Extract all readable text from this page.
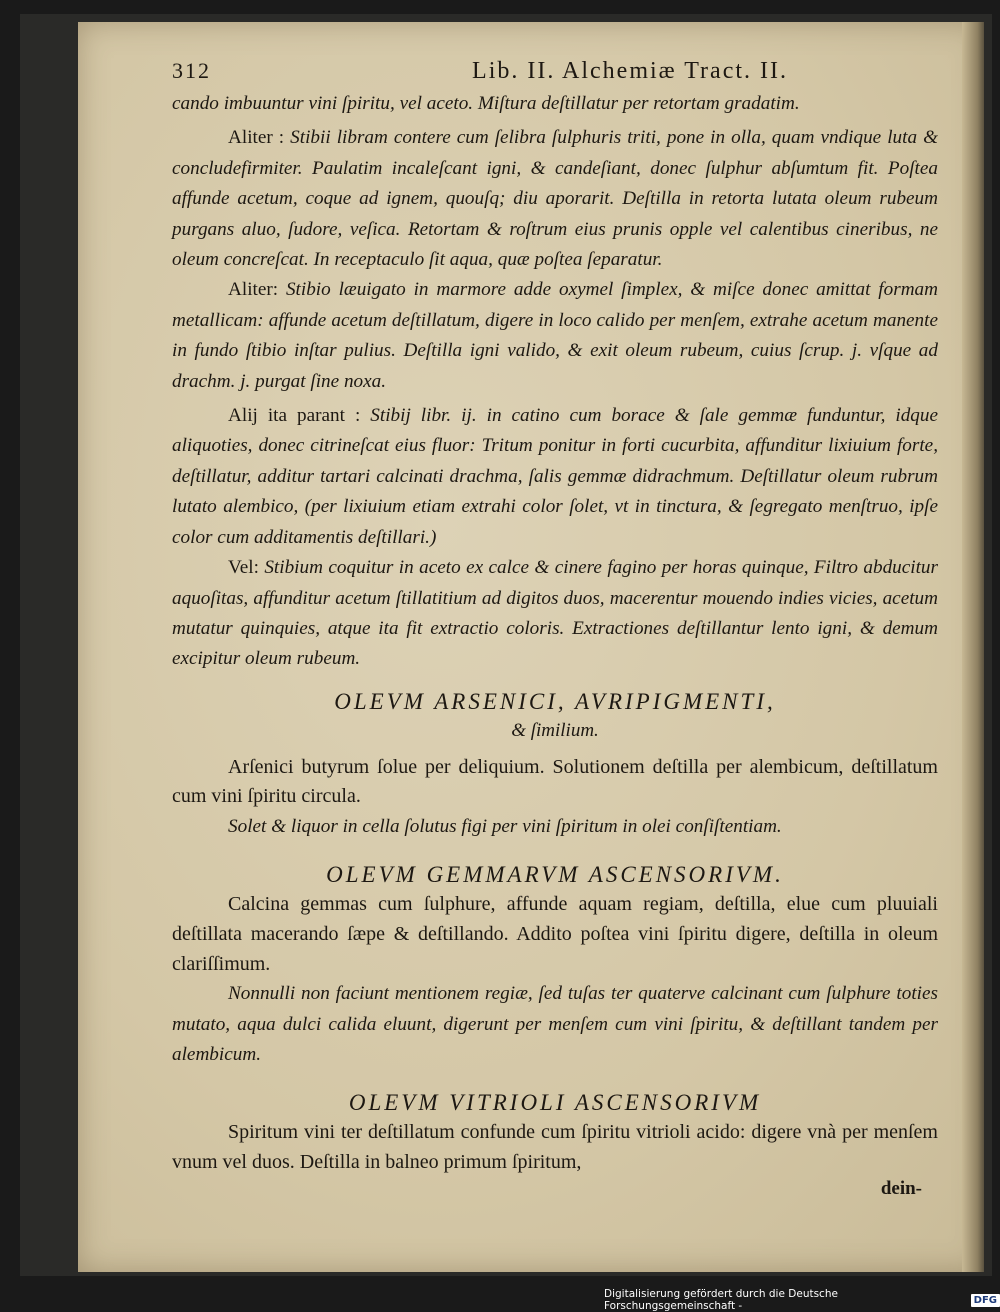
312	Lib. II. Alchemiæ Tract. II.
cando imbuuntur vini ſpiritu, vel aceto. Miſtura deſtillatur per retortam gradatim.
Aliter : Stibii libram contere cum ſelibra ſulphuris triti, pone in olla, quam vndique luta & concludefirmiter. Paulatim incaleſcant igni, & candeſiant, donec ſulphur abſumtum fit. Poſtea affunde acetum, coque ad ignem, quouſq; diu aporarit. Deſtilla in retorta lutata oleum rubeum purgans aluo, ſudore, veſica. Retortam & roſtrum eius prunis opple vel calentibus cineribus, ne oleum concreſcat. In receptaculo ſit aqua, quæ poſtea ſeparatur.
Aliter: Stibio læuigato in marmore adde oxymel ſimplex, & miſce donec amittat formam metallicam: affunde acetum deſtillatum, digere in loco calido per menſem, extrahe acetum manente in fundo ſtibio inſtar pulius. Deſtilla igni valido, & exit oleum rubeum, cuius ſcrup. j. vſque ad drachm. j. purgat ſine noxa.
Alij ita parant : Stibij libr. ij. in catino cum borace & ſale gemmæ funduntur, idque aliquoties, donec citrineſcat eius fluor: Tritum ponitur in forti cucurbita, affunditur lixiuium forte, deſtillatur, additur tartari calcinati drachma, ſalis gemmæ didrachmum. Deſtillatur oleum rubrum lutato alembico, (per lixiuium etiam extrahi color ſolet, vt in tinctura, & ſegregato menſtruo, ipſe color cum additamentis deſtillari.)
Vel: Stibium coquitur in aceto ex calce & cinere fagino per horas quinque, Filtro abducitur aquoſitas, affunditur acetum ſtillatitium ad digitos duos, macerentur mouendo indies vicies, acetum mutatur quinquies, atque ita fit extractio coloris. Extractiones deſtillantur lento igni, & demum excipitur oleum rubeum.
OLEVM ARSENICI, AVRIPIGMENTI,
& ſimilium.
Arſenici butyrum ſolue per deliquium. Solutionem deſtilla per alembicum, deſtillatum cum vini ſpiritu circula.
Solet & liquor in cella ſolutus figi per vini ſpiritum in olei conſiſtentiam.
OLEVM GEMMARVM ASCENSORIVM.
Calcina gemmas cum ſulphure, affunde aquam regiam, deſtilla, elue cum pluuiali deſtillata macerando ſæpe & deſtillando. Addito poſtea vini ſpiritu digere, deſtilla in oleum clariſſimum.
Nonnulli non faciunt mentionem regiæ, ſed tuſas ter quaterve calcinant cum ſulphure toties mutato, aqua dulci calida eluunt, digerunt per menſem cum vini ſpiritu, & deſtillant tandem per alembicum.
OLEVM VITRIOLI ASCENSORIVM
Spiritum vini ter deſtillatum confunde cum ſpiritu vitrioli acido: digere vnà per menſem vnum vel duos. Deſtilla in balneo primum ſpiritum,
dein-
Digitalisierung gefördert durch die Deutsche Forschungsgemeinschaft -	DFG
